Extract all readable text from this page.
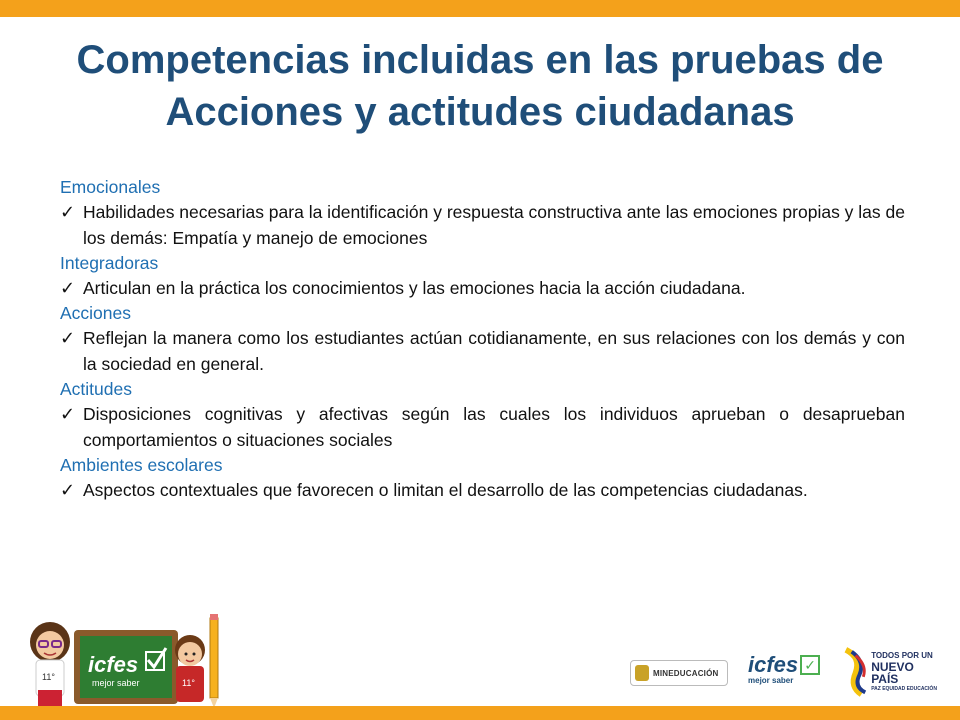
Competencias incluidas en las pruebas de
Acciones y actitudes ciudadanas
Emocionales
✓ Habilidades necesarias para la identificación y respuesta constructiva ante las emociones propias y las de los demás: Empatía y manejo de emociones
Integradoras
✓ Articulan en la práctica los conocimientos y las emociones hacia la acción ciudadana.
Acciones
✓ Reflejan la manera como los estudiantes actúan cotidianamente, en sus relaciones con los demás y con la sociedad en general.
Actitudes
✓ Disposiciones cognitivas y afectivas según las cuales los individuos aprueban o desaprueban comportamientos o situaciones sociales
Ambientes escolares
✓ Aspectos contextuales que favorecen o limitan el desarrollo de las competencias ciudadanas.
11° icfes
mejor saber	11°
MINEDUCACIÓN icfes ✓
mejor saber
TODOS POR UN
NUEVO PAÍS
PAZ EQUIDAD EDUCACIÓN
